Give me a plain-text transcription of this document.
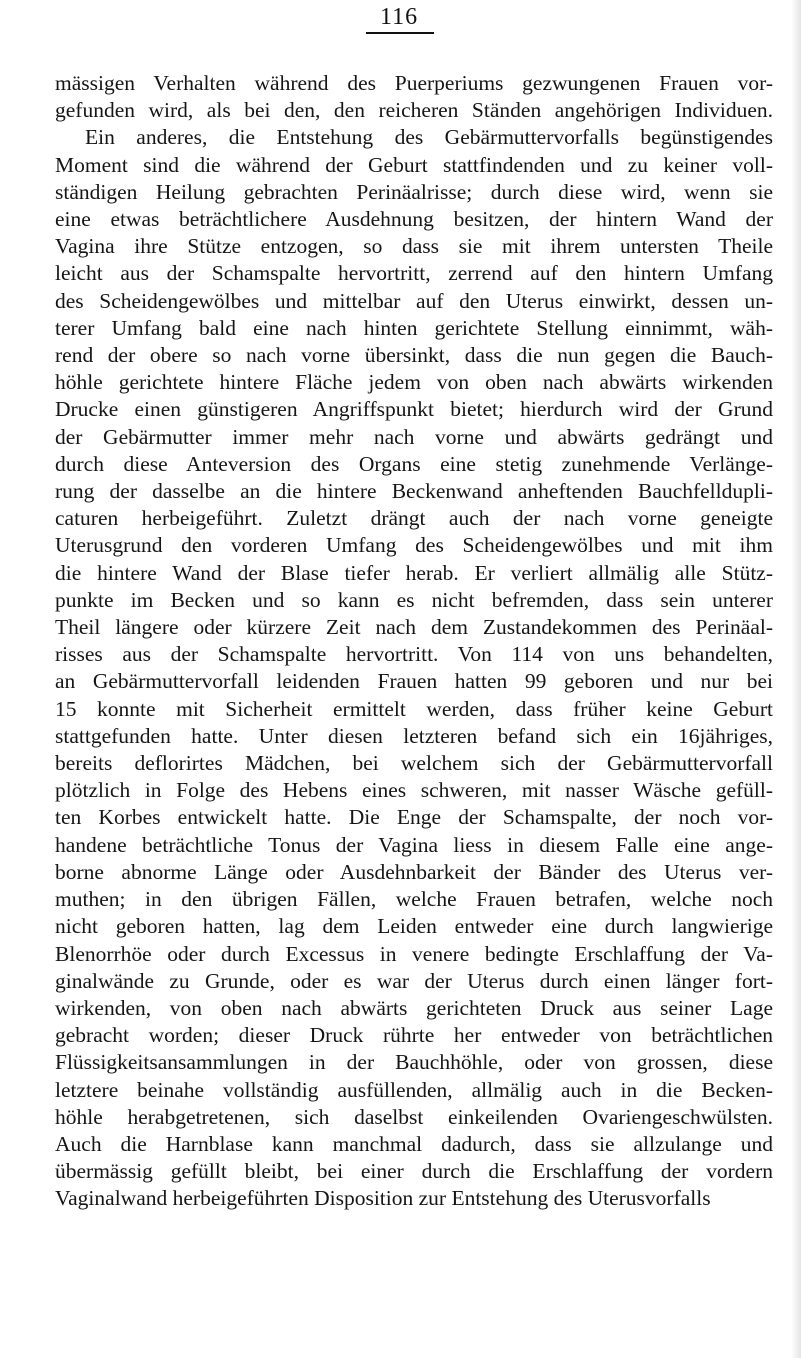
116
mässigen Verhalten während des Puerperiums gezwungenen Frauen vor-
gefunden wird, als bei den, den reicheren Ständen angehörigen Individuen.
Ein anderes, die Entstehung des Gebärmuttervorfalls begünstigendes
Moment sind die während der Geburt stattfindenden und zu keiner voll-
ständigen Heilung gebrachten Perinäalrisse; durch diese wird, wenn sie
eine etwas beträchtlichere Ausdehnung besitzen, der hintern Wand der
Vagina ihre Stütze entzogen, so dass sie mit ihrem untersten Theile
leicht aus der Schamspalte hervortritt, zerrend auf den hintern Umfang
des Scheidengewölbes und mittelbar auf den Uterus einwirkt, dessen un-
terer Umfang bald eine nach hinten gerichtete Stellung einnimmt, wäh-
rend der obere so nach vorne übersinkt, dass die nun gegen die Bauch-
höhle gerichtete hintere Fläche jedem von oben nach abwärts wirkenden
Drucke einen günstigeren Angriffspunkt bietet; hierdurch wird der Grund
der Gebärmutter immer mehr nach vorne und abwärts gedrängt und
durch diese Anteversion des Organs eine stetig zunehmende Verlänge-
rung der dasselbe an die hintere Beckenwand anheftenden Bauchfelldupli-
caturen herbeigeführt. Zuletzt drängt auch der nach vorne geneigte
Uterusgrund den vorderen Umfang des Scheidengewölbes und mit ihm
die hintere Wand der Blase tiefer herab. Er verliert allmälig alle Stütz-
punkte im Becken und so kann es nicht befremden, dass sein unterer
Theil längere oder kürzere Zeit nach dem Zustandekommen des Perinäal-
risses aus der Schamspalte hervortritt. Von 114 von uns behandelten,
an Gebärmuttervorfall leidenden Frauen hatten 99 geboren und nur bei
15 konnte mit Sicherheit ermittelt werden, dass früher keine Geburt
stattgefunden hatte. Unter diesen letzteren befand sich ein 16jähriges,
bereits deflorirtes Mädchen, bei welchem sich der Gebärmuttervorfall
plötzlich in Folge des Hebens eines schweren, mit nasser Wäsche gefüll-
ten Korbes entwickelt hatte. Die Enge der Schamspalte, der noch vor-
handene beträchtliche Tonus der Vagina liess in diesem Falle eine ange-
borne abnorme Länge oder Ausdehnbarkeit der Bänder des Uterus ver-
muthen; in den übrigen Fällen, welche Frauen betrafen, welche noch
nicht geboren hatten, lag dem Leiden entweder eine durch langwierige
Blenorrhöe oder durch Excessus in venere bedingte Erschlaffung der Va-
ginalwände zu Grunde, oder es war der Uterus durch einen länger fort-
wirkenden, von oben nach abwärts gerichteten Druck aus seiner Lage
gebracht worden; dieser Druck rührte her entweder von beträchtlichen
Flüssigkeitsansammlungen in der Bauchhöhle, oder von grossen, diese
letztere beinahe vollständig ausfüllenden, allmälig auch in die Becken-
höhle herabgetretenen, sich daselbst einkeilenden Ovariengeschwülsten.
Auch die Harnblase kann manchmal dadurch, dass sie allzulange und
übermässig gefüllt bleibt, bei einer durch die Erschlaffung der vordern
Vaginalwand herbeigeführten Disposition zur Entstehung des Uterusvorfalls
